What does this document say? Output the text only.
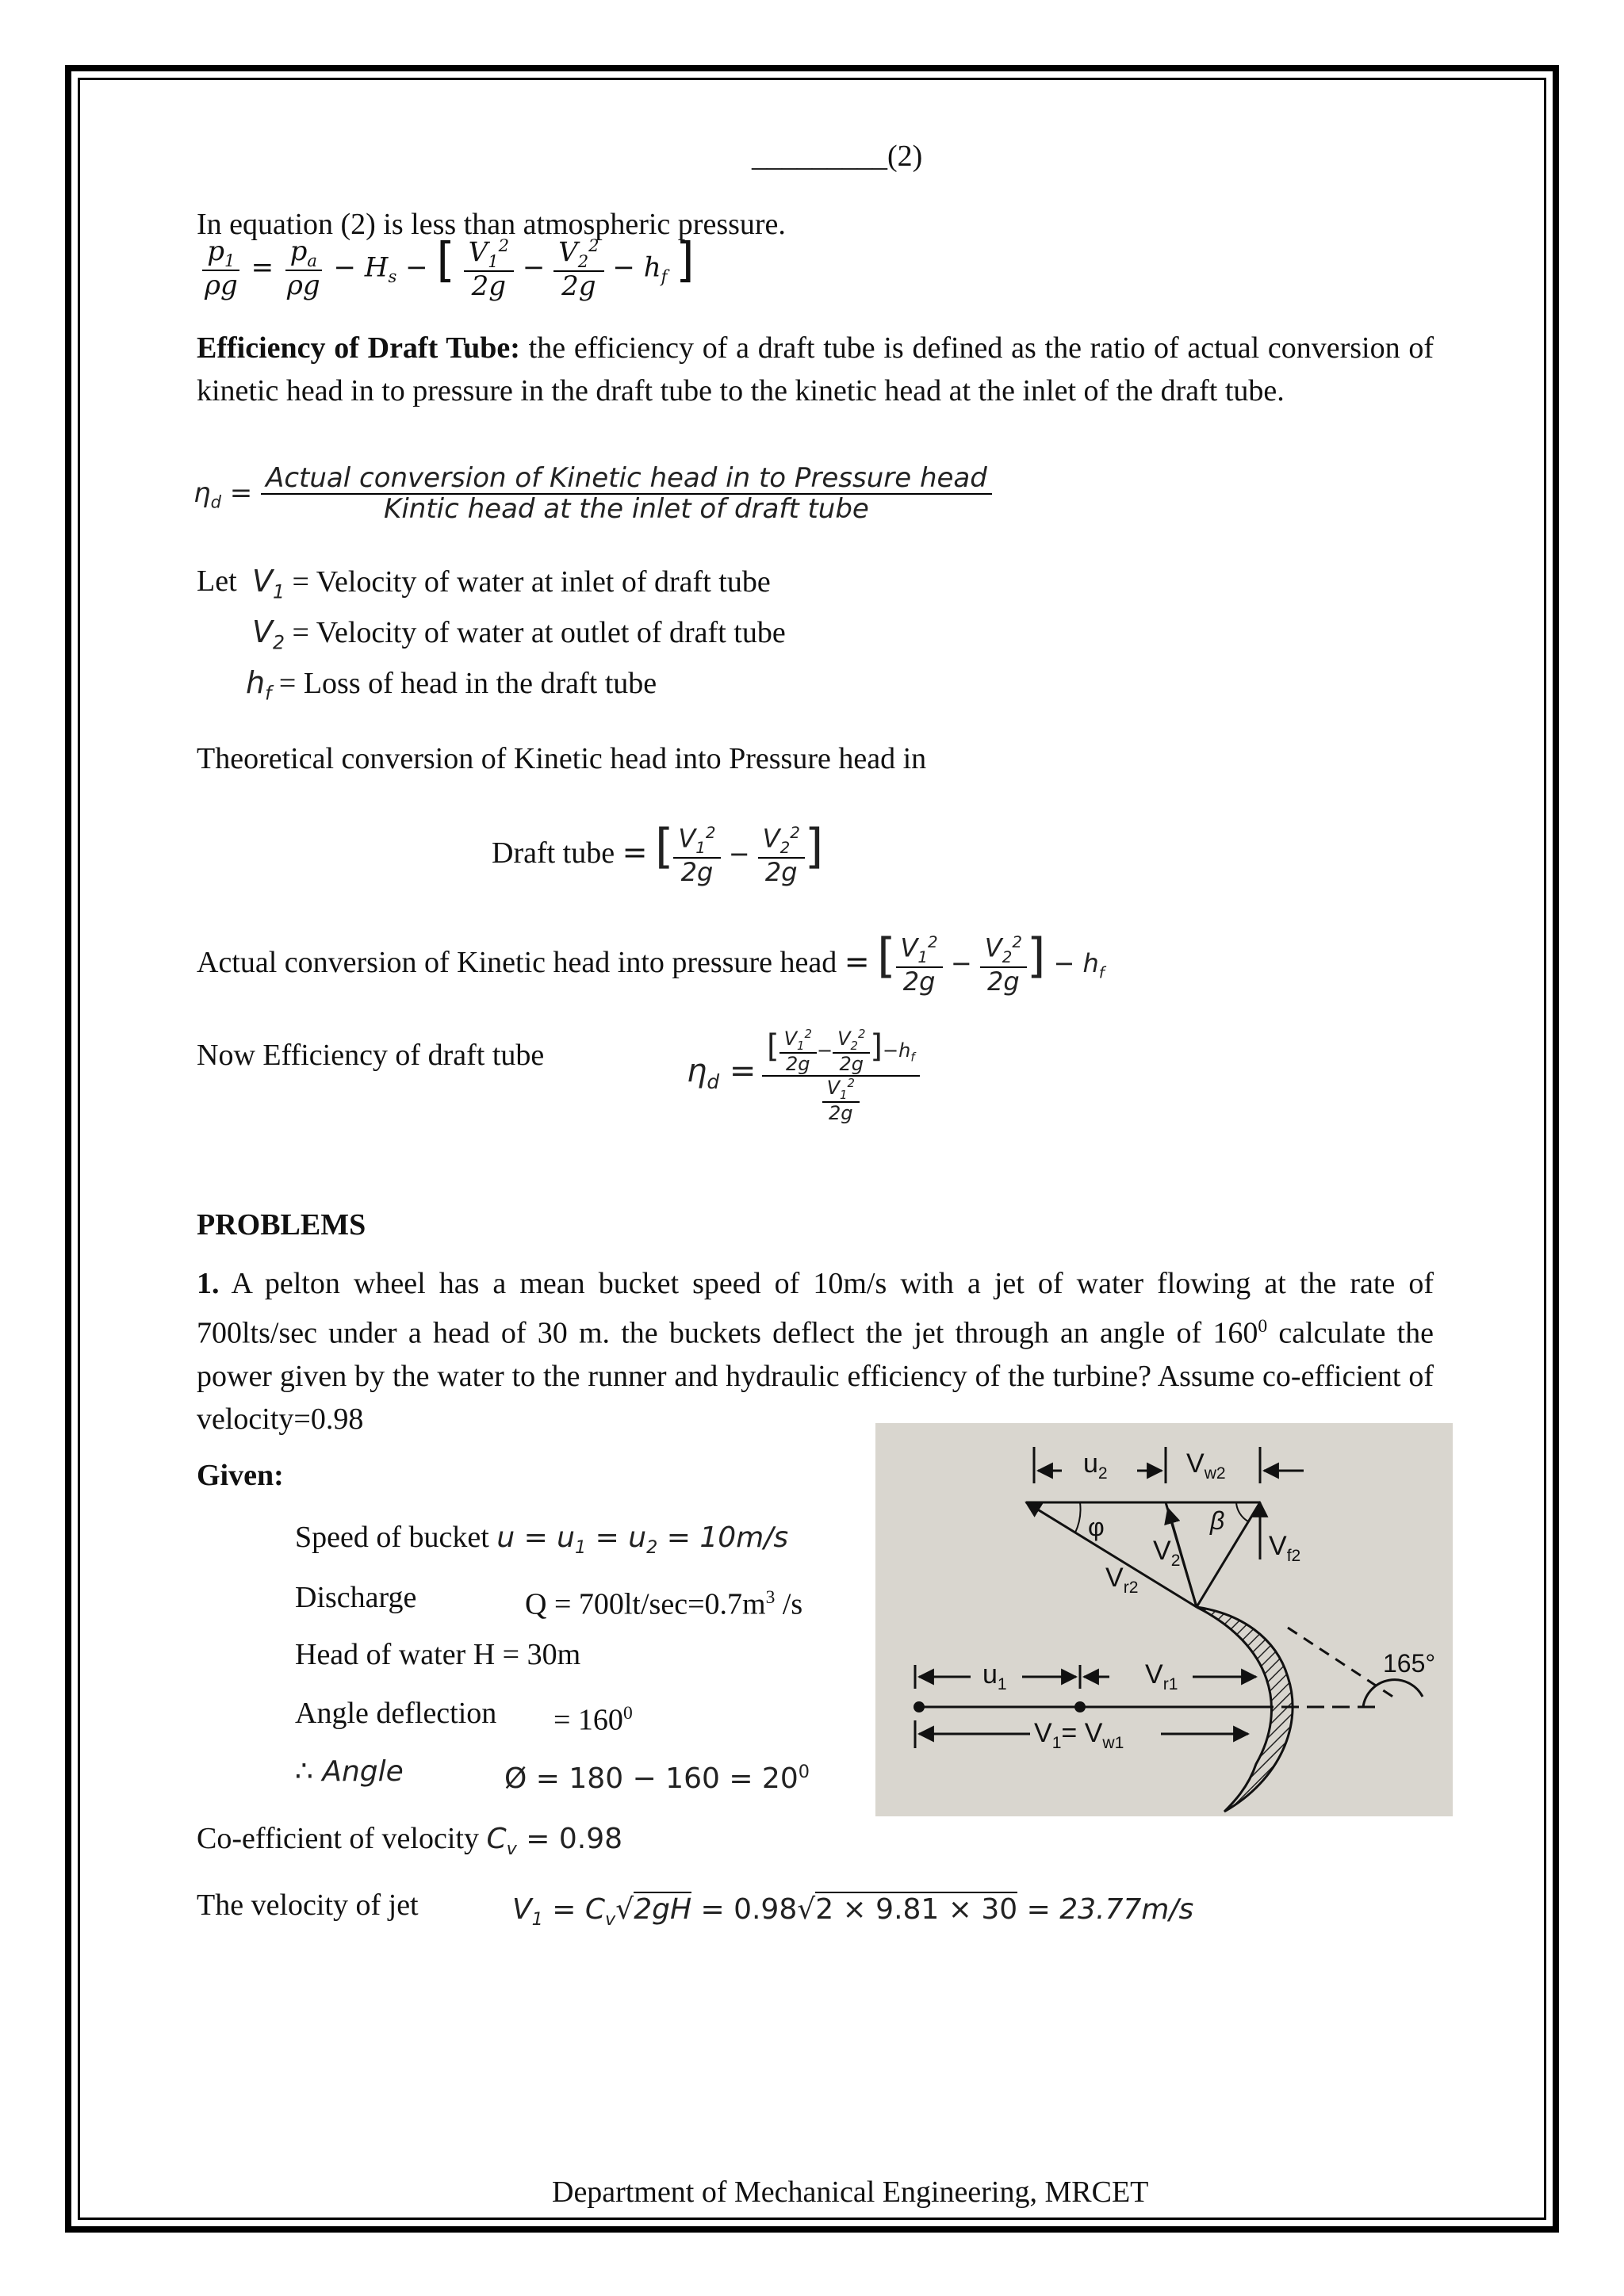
_________(2)
In equation (2) is less than atmospheric pressure.
$\frac{p_1}{\rho g} = \frac{p_a}{\rho g} - H_s$ − [ $\frac{V_1^2}{2g} - \frac{V_2^2}{2g} - h_f$ ]
Efficiency of Draft Tube: the efficiency of a draft tube is defined as the ratio of actual conversion of kinetic head in to pressure in the draft tube to the kinetic head at the inlet of the draft tube.
$\eta_d = \frac{\text{Actual conversion of Kinetic head in to Pressure head}}{\text{Kintic head at the inlet of draft tube}}$
Let $V_1$ = Velocity of water at inlet of draft tube
$V_2$ = Velocity of water at outlet of draft tube
$h_f$ = Loss of head in the draft tube
Theoretical conversion of Kinetic head into Pressure head in
Draft tube = [ $\frac{V_1^2}{2g} - \frac{V_2^2}{2g}$ ]
Actual conversion of Kinetic head into pressure head = [ $\frac{V_1^2}{2g} - \frac{V_2^2}{2g}$ ] − $h_f$
Now Efficiency of draft tube	$\eta_d = \frac{[ \frac{V_1^2}{2g} - \frac{V_2^2}{2g} ]-h_f}{\frac{V_1^2}{2g}}$
PROBLEMS
1. A pelton wheel has a mean bucket speed of 10m/s with a jet of water flowing at the rate of 700lts/sec under a head of 30 m. the buckets deflect the jet through an angle of $160^0$ calculate the power given by the water to the runner and hydraulic efficiency of the turbine? Assume co-efficient of velocity=0.98
Given:
Speed of bucket $u = u_1 = u_2 = 10m/s$
Discharge	$Q = 700lt/\sec=0.7m^3$ /s
Head of water H = 30m
Angle deflection = $160^0$
∴ Angle	Ø = $180 - 160 = 20^0$
Co-efficient of velocity $C_v = 0.98$
The velocity of jet	$V_1 = C_v√2gH = 0.98√2 \times 9.81 \times 30 = 23.77m/s$
$u_2$	$V_{w2}$
φ	β
$V_2$	$V_{f2}$
$V_{r2}$
$u_1$	$V_{r1}$
165°
$V_1= V_{w1}$
Department of Mechanical Engineering, MRCET
